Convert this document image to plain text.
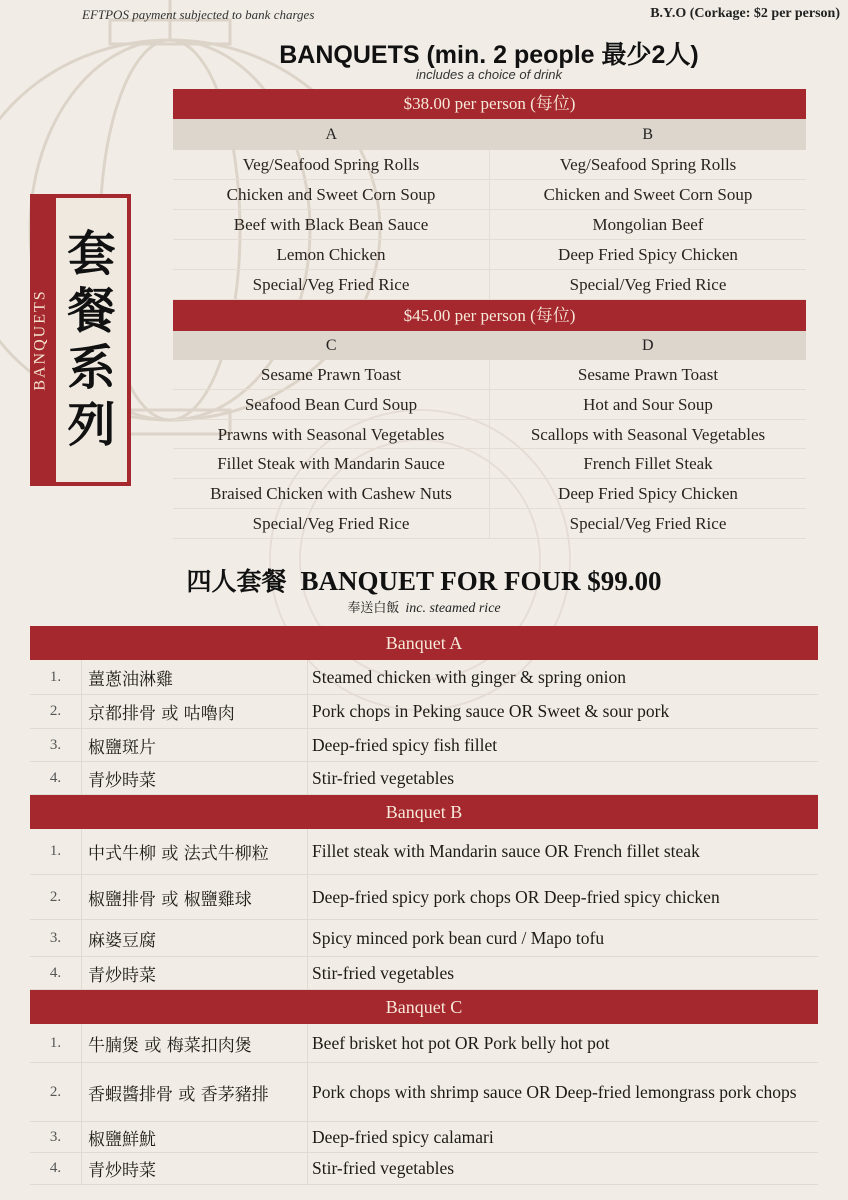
EFTPOS payment subjected to bank charges	B.Y.O (Corkage: $2 per person)
BANQUETS (min. 2 people 最少2人)
includes a choice of drink
BANQUETS
套
餐
系
列
$38.00 per person (每位)
A	B
Veg/Seafood Spring Rolls	Veg/Seafood Spring Rolls
Chicken and Sweet Corn Soup	Chicken and Sweet Corn Soup
Beef with Black Bean Sauce	Mongolian Beef
Lemon Chicken	Deep Fried Spicy Chicken
Special/Veg Fried Rice	Special/Veg Fried Rice
$45.00 per person (每位)
C	D
Sesame Prawn Toast	Sesame Prawn Toast
Seafood Bean Curd Soup	Hot and Sour Soup
Prawns with Seasonal Vegetables	Scallops with Seasonal Vegetables
Fillet Steak with Mandarin Sauce	French Fillet Steak
Braised Chicken with Cashew Nuts	Deep Fried Spicy Chicken
Special/Veg Fried Rice	Special/Veg Fried Rice
四人套餐 BANQUET FOR FOUR $99.00
奉送白飯 inc. steamed rice
Banquet A
1.	薑蔥油淋雞	Steamed chicken with ginger & spring onion
2.	京都排骨 或 咕嚕肉	Pork chops in Peking sauce OR Sweet & sour pork
3.	椒鹽斑片	Deep-fried spicy fish fillet
4.	青炒時菜	Stir-fried vegetables
Banquet B
1.	中式牛柳 或 法式牛柳粒	Fillet steak with Mandarin sauce OR French fillet steak
2.	椒鹽排骨 或 椒鹽雞球	Deep-fried spicy pork chops OR Deep-fried spicy chicken
3.	麻婆豆腐	Spicy minced pork bean curd / Mapo tofu
4.	青炒時菜	Stir-fried vegetables
Banquet C
1.	牛腩煲 或 梅菜扣肉煲	Beef brisket hot pot OR Pork belly hot pot
2.	香蝦醬排骨 或 香茅豬排	Pork chops with shrimp sauce OR Deep-fried lemongrass pork chops
3.	椒鹽鮮魷	Deep-fried spicy calamari
4.	青炒時菜	Stir-fried vegetables
